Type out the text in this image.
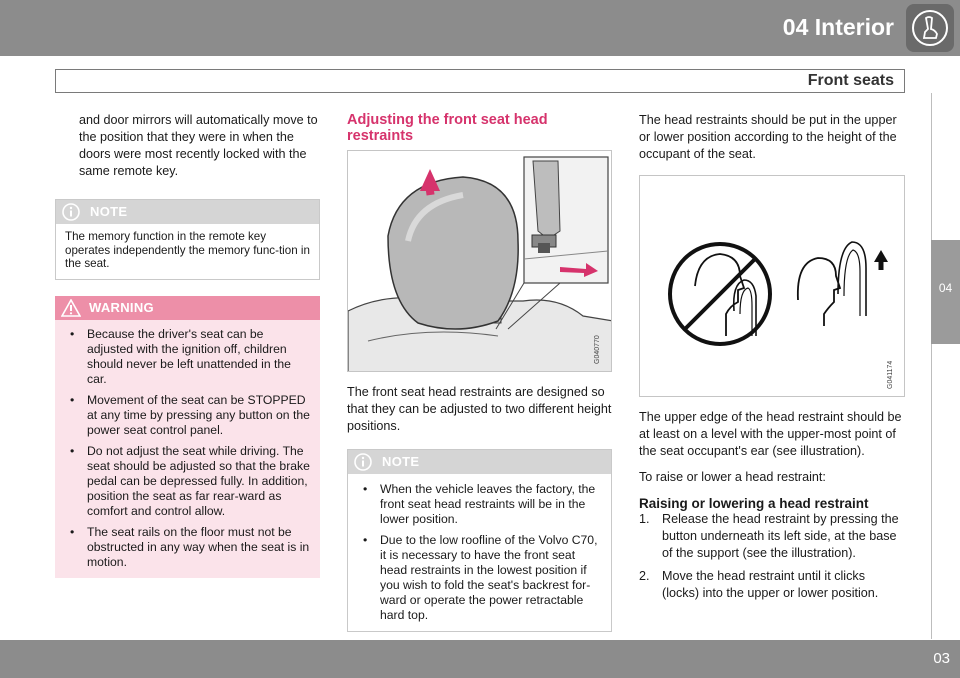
04 Interior
Front seats
04

and door mirrors will automatically move to the position that they were in when the doors were most recently locked with the same remote key.

NOTE
The memory function in the remote key operates independently the memory func-tion in the seat.
WARNING
• Because the driver's seat can be adjusted with the ignition off, children should never be left unattended in the car.
• Movement of the seat can be STOPPED at any time by pressing any button on the power seat control panel.
• Do not adjust the seat while driving. The seat should be adjusted so that the brake pedal can be depressed fully. In addition, position the seat as far rear-ward as comfort and control allow.
• The seat rails on the floor must not be obstructed in any way when the seat is in motion.
Adjusting the front seat head restraints
G040770

The front seat head restraints are designed so that they can be adjusted to two different height positions.

NOTE
• When the vehicle leaves the factory, the front seat head restraints will be in the lower position.
• Due to the low roofline of the Volvo C70, it is necessary to have the front seat head restraints in the lowest position if you wish to fold the seat's backrest for-ward or operate the power retractable hard top.

The head restraints should be put in the upper or lower position according to the height of the occupant of the seat.

G041174

The upper edge of the head restraint should be at least on a level with the upper-most point of the seat occupant's ear (see illustration).

To raise or lower a head restraint:

Raising or lowering a head restraint
1. Release the head restraint by pressing the button underneath its left side, at the base of the support (see the illustration).
2. Move the head restraint until it clicks (locks) into the upper or lower position.
03
